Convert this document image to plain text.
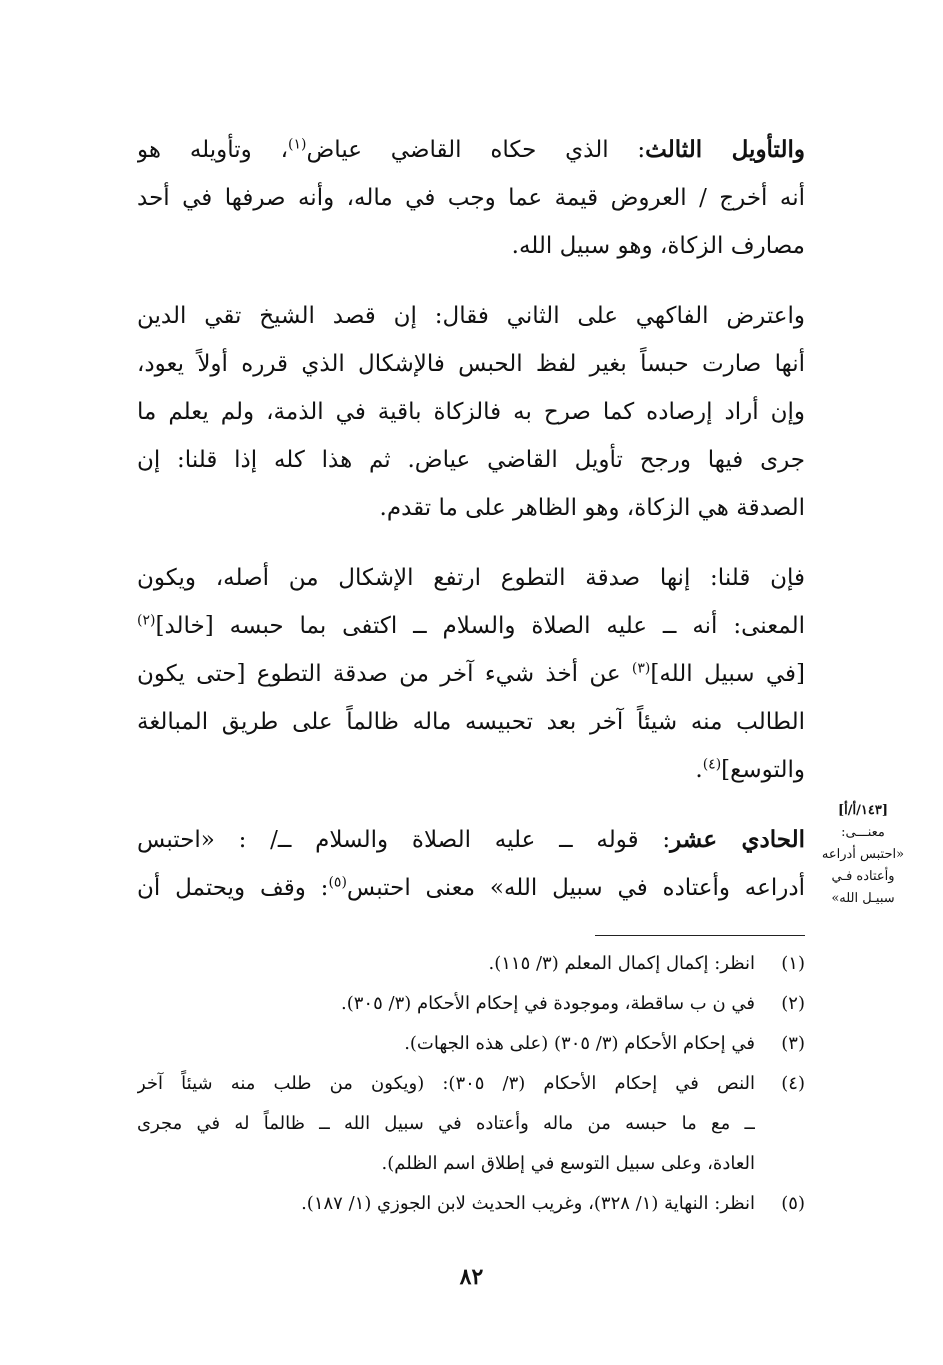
والتأويل الثالث: الذي حكاه القاضي عياض$^{(١)}$، وتأويله هو
أنه أخرج / العروض قيمة عما وجب في ماله، وأنه صرفها في أحد
مصارف الزكاة، وهو سبيل الله.
واعترض الفاكهي على الثاني فقال: إن قصد الشيخ تقي الدين
أنها صارت حبساً بغير لفظ الحبس فالإشكال الذي قرره أولاً يعود،
وإن أراد إرصاده كما صرح به فالزكاة باقية في الذمة، ولم يعلم ما
جرى فيها ورجح تأويل القاضي عياض. ثم هذا كله إذا قلنا: إن
الصدقة هي الزكاة، وهو الظاهر على ما تقدم.
فإن قلنا: إنها صدقة التطوع ارتفع الإشكال من أصله، ويكون
المعنى: أنه ــ عليه الصلاة والسلام ــ اكتفى بما حبسه [خالد]$^{(٢)}$
[في سبيل الله]$^{(٣)}$ عن أخذ شيء آخر من صدقة التطوع [حتى يكون
الطالب منه شيئاً آخر بعد تحبيسه ماله ظالماً على طريق المبالغة
والتوسع]$^{(٤)}$.
الحادي عشر: قوله ــ عليه الصلاة والسلام ــ/ : «احتبس
أدراعه وأعتاده في سبيل الله» معنى احتبس$^{(٥)}$: وقف ويحتمل أن
[١٤٣/أ/أ]
معنـــى:
«احتبس أدراعه
وأعتاده فـي
سبيـل الله»
(١)
انظر: إكمال إكمال المعلم (٣/ ١١٥).
(٢)
في ن ب ساقطة، وموجودة في إحكام الأحكام (٣/ ٣٠٥).
(٣)
في إحكام الأحكام (٣/ ٣٠٥) (على هذه الجهات).
(٤)
النص في إحكام الأحكام (٣/ ٣٠٥): (ويكون من طلب منه شيئاً آخر
ــ مع ما حبسه من ماله وأعتاده في سبيل الله ــ ظالماً له في مجرى
العادة، وعلى سبيل التوسع في إطلاق اسم الظلم).
(٥)
انظر: النهاية (١/ ٣٢٨)، وغريب الحديث لابن الجوزي (١/ ١٨٧).
٨٢
